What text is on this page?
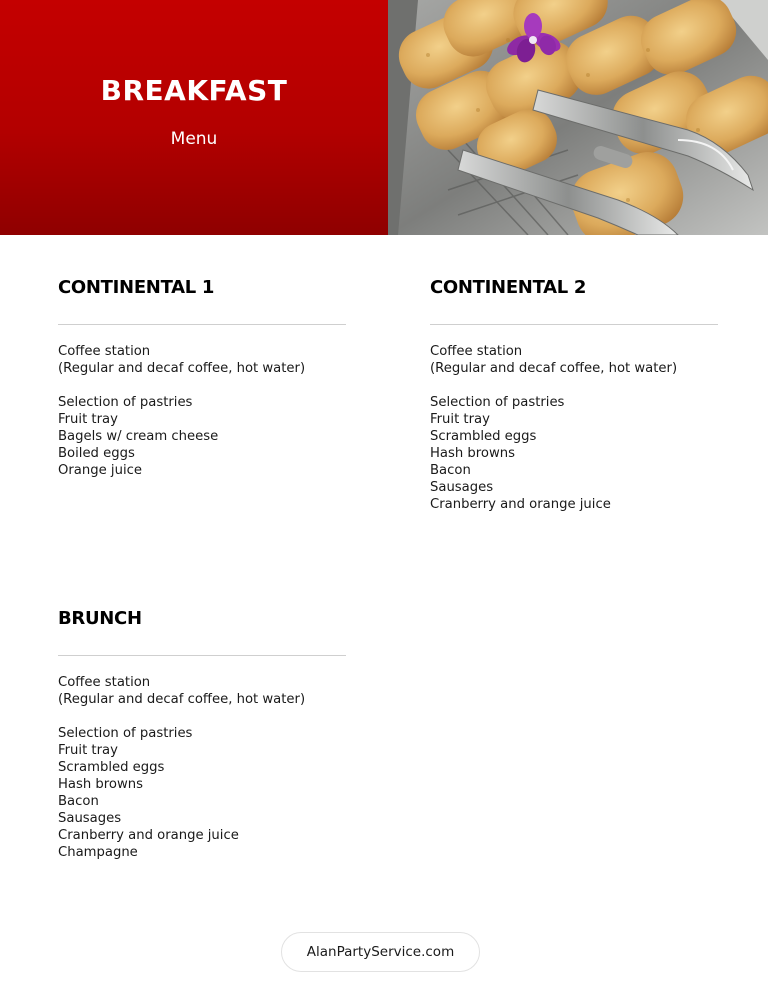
BREAKFAST
Menu
CONTINENTAL 1
Coffee station
(Regular and decaf coffee, hot water)
Selection of pastries
Fruit tray
Bagels w/ cream cheese
Boiled eggs
Orange juice
CONTINENTAL 2
Coffee station
(Regular and decaf coffee, hot water)
Selection of pastries
Fruit tray
Scrambled eggs
Hash browns
Bacon
Sausages
Cranberry and orange juice
BRUNCH
Coffee station
(Regular and decaf coffee, hot water)
Selection of pastries
Fruit tray
Scrambled eggs
Hash browns
Bacon
Sausages
Cranberry and orange juice
Champagne
AlanPartyService.com
